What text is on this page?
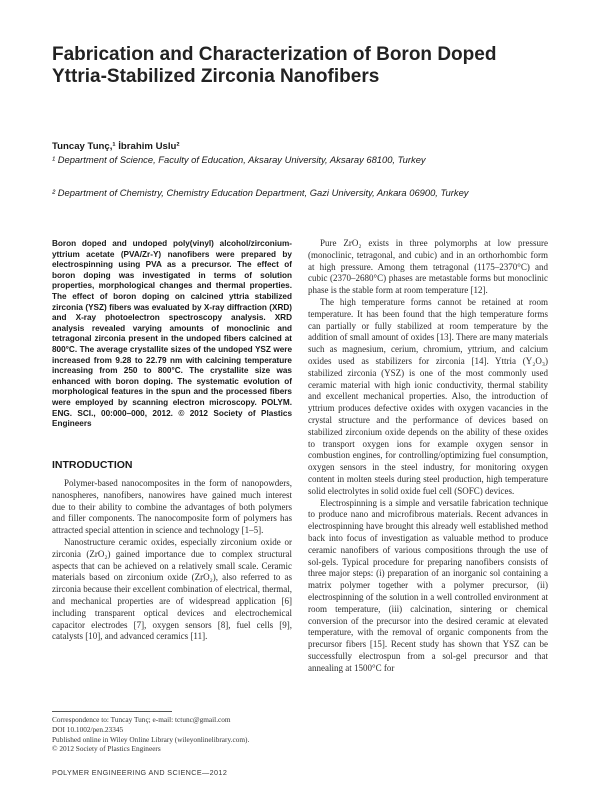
Fabrication and Characterization of Boron Doped Yttria-Stabilized Zirconia Nanofibers
Tuncay Tunç,¹ İbrahim Uslu²
¹ Department of Science, Faculty of Education, Aksaray University, Aksaray 68100, Turkey
² Department of Chemistry, Chemistry Education Department, Gazi University, Ankara 06900, Turkey

Boron doped and undoped poly(vinyl) alcohol/zirconium-yttrium acetate (PVA/Zr-Y) nanofibers were prepared by electrospinning using PVA as a precursor. The effect of boron doping was investigated in terms of solution properties, morphological changes and thermal properties. The effect of boron doping on calcined yttria stabilized zirconia (YSZ) fibers was evaluated by X-ray diffraction (XRD) and X-ray photoelectron spectroscopy analysis. XRD analysis revealed varying amounts of monoclinic and tetragonal zirconia present in the undoped fibers calcined at 800°C. The average crystallite sizes of the undoped YSZ were increased from 9.28 to 22.79 nm with calcining temperature increasing from 250 to 800°C. The crystallite size was enhanced with boron doping. The systematic evolution of morphological features in the spun and the processed fibers were employed by scanning electron microscopy. POLYM. ENG. SCI., 00:000–000, 2012. © 2012 Society of Plastics Engineers

INTRODUCTION

Polymer-based nanocomposites in the form of nanopowders, nanospheres, nanofibers, nanowires have gained much interest due to their ability to combine the advantages of both polymers and filler components. The nanocomposite form of polymers has attracted special attention in science and technology [1–5].

Nanostructure ceramic oxides, especially zirconium oxide or zirconia (ZrO₂) gained importance due to complex structural aspects that can be achieved on a relatively small scale. Ceramic materials based on zirconium oxide (ZrO₂), also referred to as zirconia because their excellent combination of electrical, thermal, and mechanical properties are of widespread application [6] including transparent optical devices and electrochemical capacitor electrodes [7], oxygen sensors [8], fuel cells [9], catalysts [10], and advanced ceramics [11].

Pure ZrO₂ exists in three polymorphs at low pressure (monoclinic, tetragonal, and cubic) and in an orthorhombic form at high pressure. Among them tetragonal (1175–2370°C) and cubic (2370–2680°C) phases are metastable forms but monoclinic phase is the stable form at room temperature [12].

The high temperature forms cannot be retained at room temperature. It has been found that the high temperature forms can partially or fully stabilized at room temperature by the addition of small amount of oxides [13]. There are many materials such as magnesium, cerium, chromium, yttrium, and calcium oxides used as stabilizers for zirconia [14]. Yttria (Y₂O₃) stabilized zirconia (YSZ) is one of the most commonly used ceramic material with high ionic conductivity, thermal stability and excellent mechanical properties. Also, the introduction of yttrium produces defective oxides with oxygen vacancies in the crystal structure and the performance of devices based on stabilized zirconium oxide depends on the ability of these oxides to transport oxygen ions for example oxygen sensor in combustion engines, for controlling/optimizing fuel consumption, oxygen sensors in the steel industry, for monitoring oxygen content in molten steels during steel production, high temperature solid electrolytes in solid oxide fuel cell (SOFC) devices.

Electrospinning is a simple and versatile fabrication technique to produce nano and microfibrous materials. Recent advances in electrospinning have brought this already well established method back into focus of investigation as valuable method to produce ceramic nanofibers of various compositions through the use of sol-gels. Typical procedure for preparing nanofibers consists of three major steps: (i) preparation of an inorganic sol containing a matrix polymer together with a polymer precursor, (ii) electrospinning of the solution in a well controlled environment at room temperature, (iii) calcination, sintering or chemical conversion of the precursor into the desired ceramic at elevated temperature, with the removal of organic components from the precursor fibers [15]. Recent study has shown that YSZ can be successfully electrospun from a sol-gel precursor and that annealing at 1500°C for

Correspondence to: Tuncay Tunç; e-mail: tctunc@gmail.com
DOI 10.1002/pen.23345
Published online in Wiley Online Library (wileyonlinelibrary.com).
© 2012 Society of Plastics Engineers
POLYMER ENGINEERING AND SCIENCE—2012
